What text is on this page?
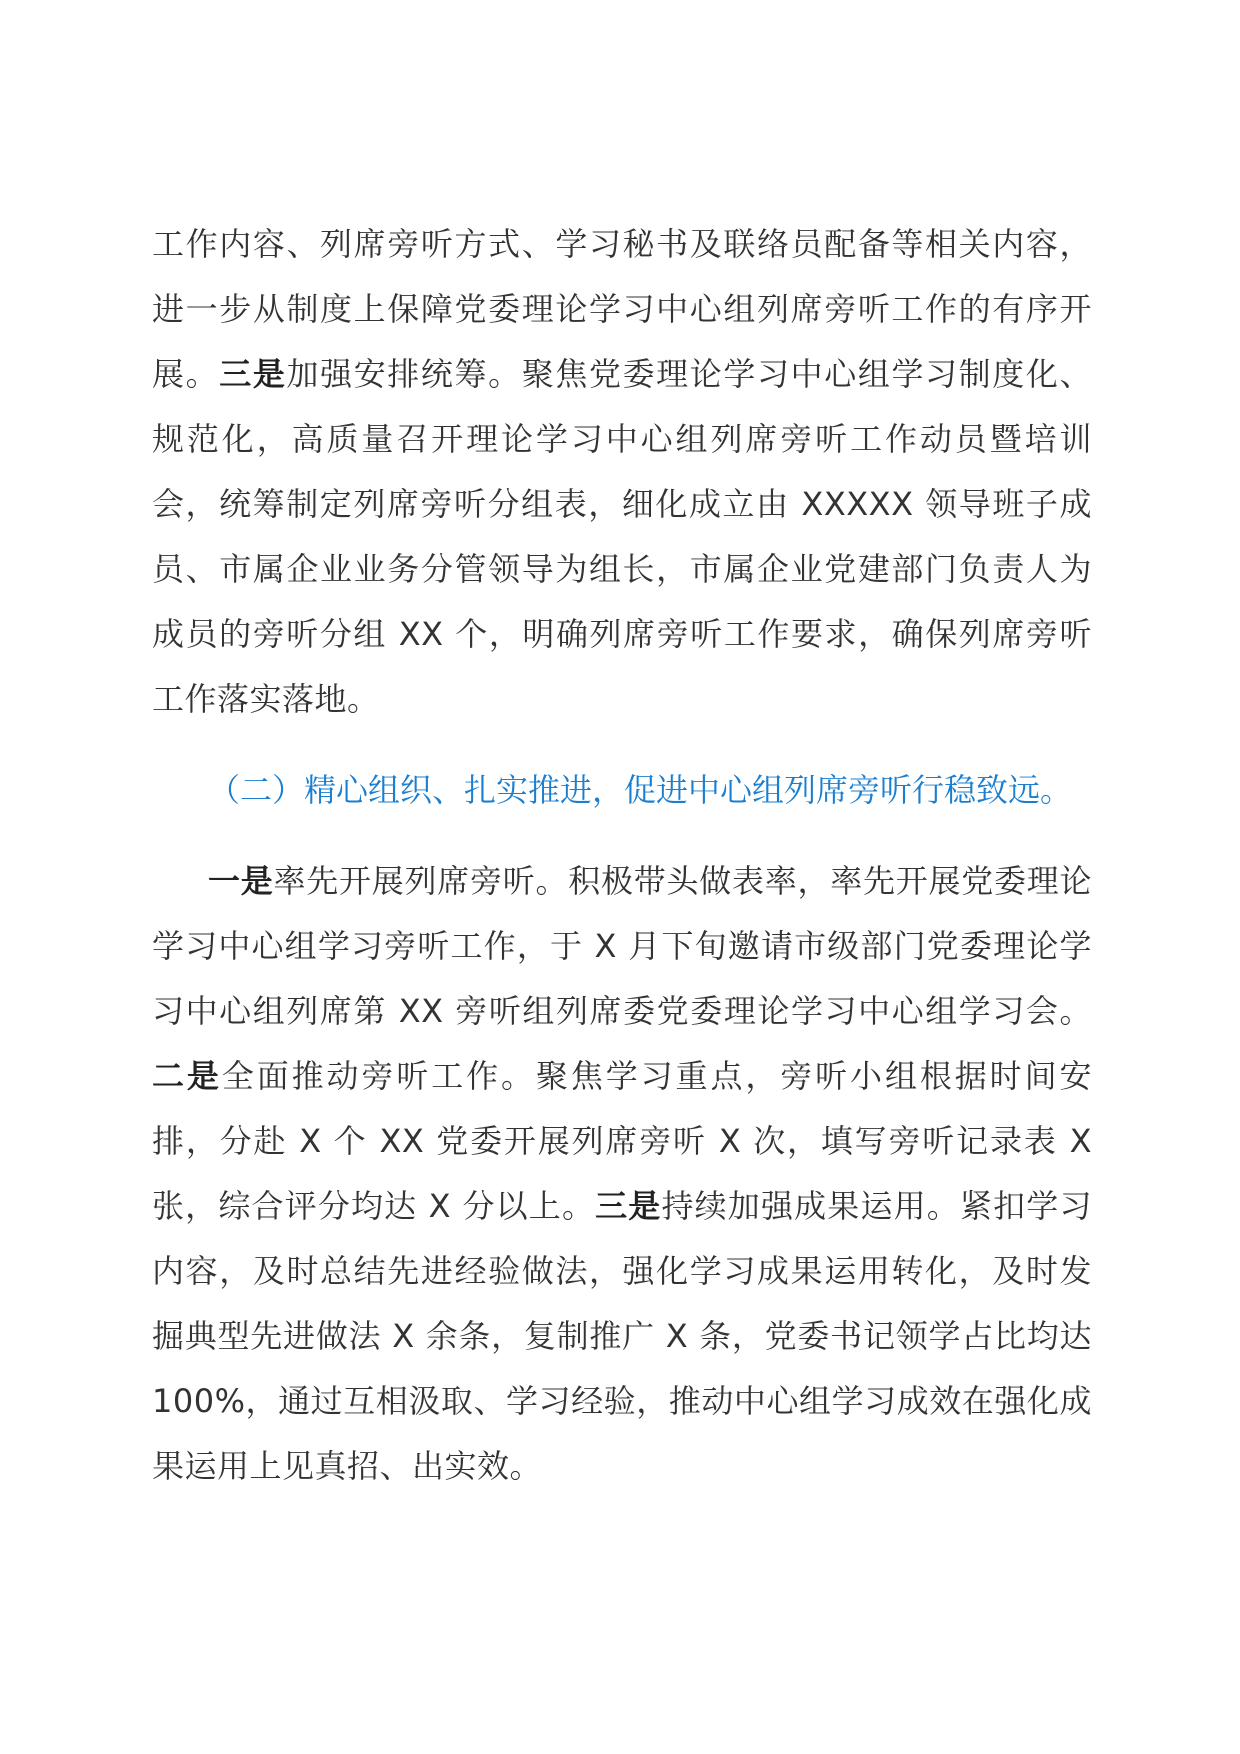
工作内容、列席旁听方式、学习秘书及联络员配备等相关内容，进一步从制度上保障党委理论学习中心组列席旁听工作的有序开展。三是加强安排统筹。聚焦党委理论学习中心组学习制度化、规范化，高质量召开理论学习中心组列席旁听工作动员暨培训会，统筹制定列席旁听分组表，细化成立由 XXXXX 领导班子成员、市属企业业务分管领导为组长，市属企业党建部门负责人为成员的旁听分组 XX 个，明确列席旁听工作要求，确保列席旁听工作落实落地。

（二）精心组织、扎实推进，促进中心组列席旁听行稳致远。

一是率先开展列席旁听。积极带头做表率，率先开展党委理论学习中心组学习旁听工作，于 X 月下旬邀请市级部门党委理论学习中心组列席第 XX 旁听组列席委党委理论学习中心组学习会。二是全面推动旁听工作。聚焦学习重点，旁听小组根据时间安排，分赴 X 个 XX 党委开展列席旁听 X 次，填写旁听记录表 X 张，综合评分均达 X 分以上。三是持续加强成果运用。紧扣学习内容，及时总结先进经验做法，强化学习成果运用转化，及时发掘典型先进做法 X 余条，复制推广 X 条，党委书记领学占比均达 100%，通过互相汲取、学习经验，推动中心组学习成效在强化成果运用上见真招、出实效。
